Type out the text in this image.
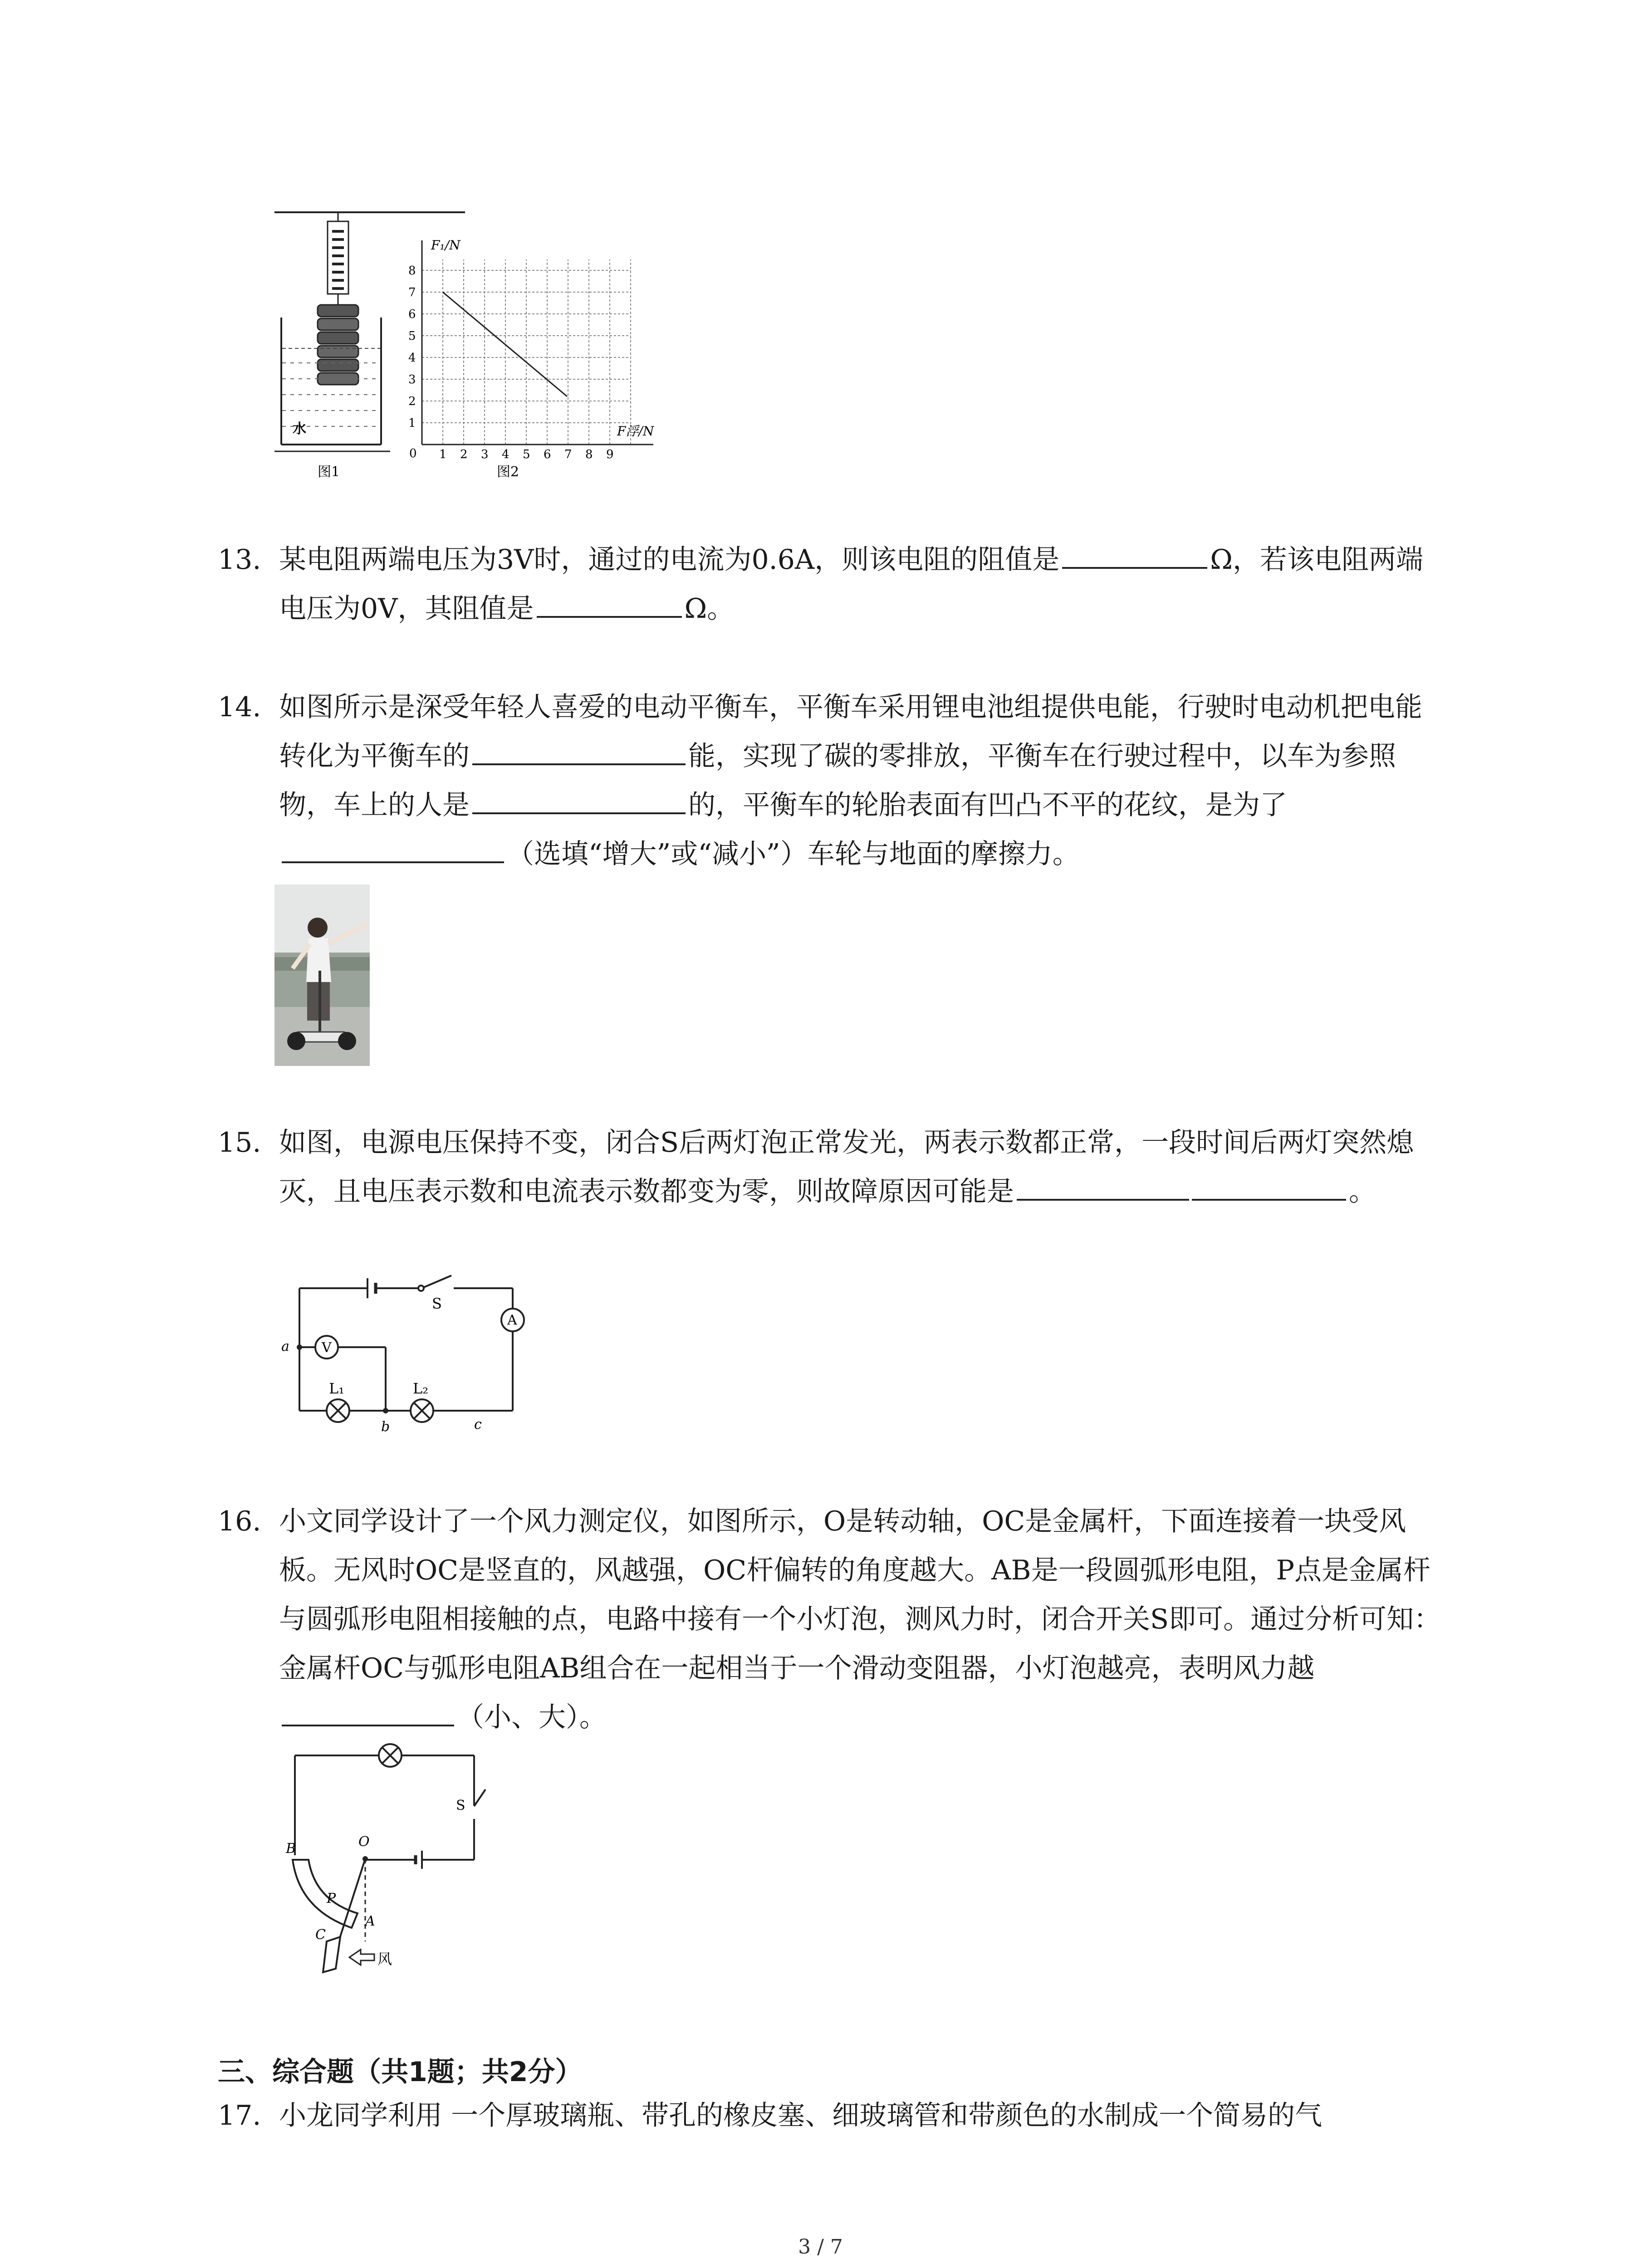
水
图1
F₁/N
F浮/N
0 1 2 3 4 5 6 7 8 9
1
2
3
4
5
6
7
8
图2
13. 某电阻两端电压为3V时，通过的电流为0.6A，则该电阻的阻值是	Ω，若该电阻两端电压为0V，其阻值是	Ω。
14. 如图所示是深受年轻人喜爱的电动平衡车，平衡车采用锂电池组提供电能，行驶时电动机把电能转化为平衡车的	能，实现了碳的零排放，平衡车在行驶过程中，以车为参照物，车上的人是	的，平衡车的轮胎表面有凹凸不平的花纹，是为了（选填“增大”或“减小”）车轮与地面的摩擦力。
15. 如图，电源电压保持不变，闭合S后两灯泡正常发光，两表示数都正常，一段时间后两灯突然熄灭，且电压表示数和电流表示数都变为零，则故障原因可能是	。
A
V
S
L₁	L₂
a
b	c
16. 小文同学设计了一个风力测定仪，如图所示，O是转动轴，OC是金属杆，下面连接着一块受风板。无风时OC是竖直的，风越强，OC杆偏转的角度越大。AB是一段圆弧形电阻，P点是金属杆与圆弧形电阻相接触的点，电路中接有一个小灯泡，测风力时，闭合开关S即可。通过分析可知：金属杆OC与弧形电阻AB组合在一起相当于一个滑动变阻器，小灯泡越亮，表明风力越（小、大）。
风
B	O
P
C
A
S
三、综合题（共1题；共2分）
17. 小龙同学利用 一个厚玻璃瓶、带孔的橡皮塞、细玻璃管和带颜色的水制成一个简易的气
3 / 7
